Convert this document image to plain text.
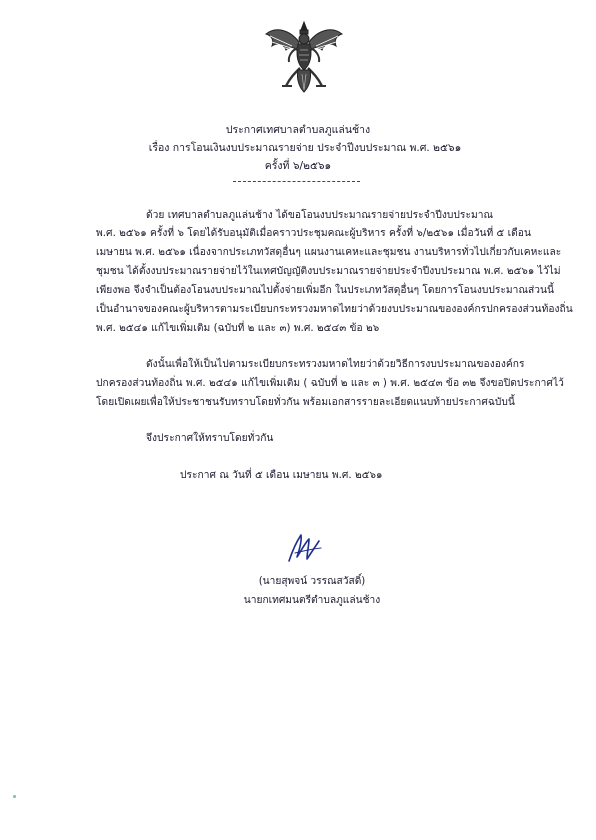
ประกาศเทศบาลตำบลภูแล่นช้าง
เรื่อง การโอนเงินงบประมาณรายจ่าย ประจำปีงบประมาณ พ.ศ. ๒๕๖๑
ครั้งที่ ๖/๒๕๖๑
ด้วย เทศบาลตำบลภูแล่นช้าง ได้ขอโอนงบประมาณรายจ่ายประจำปีงบประมาณ
พ.ศ. ๒๕๖๑ ครั้งที่ ๖ โดยได้รับอนุมัติเมื่อคราวประชุมคณะผู้บริหาร ครั้งที่ ๖/๒๕๖๑ เมื่อวันที่ ๕ เดือน
เมษายน พ.ศ. ๒๕๖๑ เนื่องจากประเภทวัสดุอื่นๆ แผนงานเคหะและชุมชน งานบริหารทั่วไปเกี่ยวกับเคหะและ
ชุมชน ได้ตั้งงบประมาณรายจ่ายไว้ในเทศบัญญัติงบประมาณรายจ่ายประจำปีงบประมาณ พ.ศ. ๒๕๖๑ ไว้ไม่
เพียงพอ จึงจำเป็นต้องโอนงบประมาณไปตั้งจ่ายเพิ่มอีก ในประเภทวัสดุอื่นๆ โดยการโอนงบประมาณส่วนนี้
เป็นอำนาจของคณะผู้บริหารตามระเบียบกระทรวงมหาดไทยว่าด้วยงบประมาณขององค์กรปกครองส่วนท้องถิ่น
พ.ศ. ๒๕๔๑ แก้ไขเพิ่มเติม (ฉบับที่ ๒ และ ๓) พ.ศ. ๒๕๔๓ ข้อ ๒๖
ดังนั้นเพื่อให้เป็นไปตามระเบียบกระทรวงมหาดไทยว่าด้วยวิธีการงบประมาณขององค์กร
ปกครองส่วนท้องถิ่น พ.ศ. ๒๕๔๑ แก้ไขเพิ่มเติม ( ฉบับที่ ๒ และ ๓ ) พ.ศ. ๒๕๔๓ ข้อ ๓๒ จึงขอปิดประกาศไว้
โดยเปิดเผยเพื่อให้ประชาชนรับทราบโดยทั่วกัน พร้อมเอกสารรายละเอียดแนบท้ายประกาศฉบับนี้
จึงประกาศให้ทราบโดยทั่วกัน
ประกาศ ณ วันที่ ๕ เดือน เมษายน พ.ศ. ๒๕๖๑
(นายสุพจน์ วรรณสวัสดิ์)
นายกเทศมนตรีตำบลภูแล่นช้าง
